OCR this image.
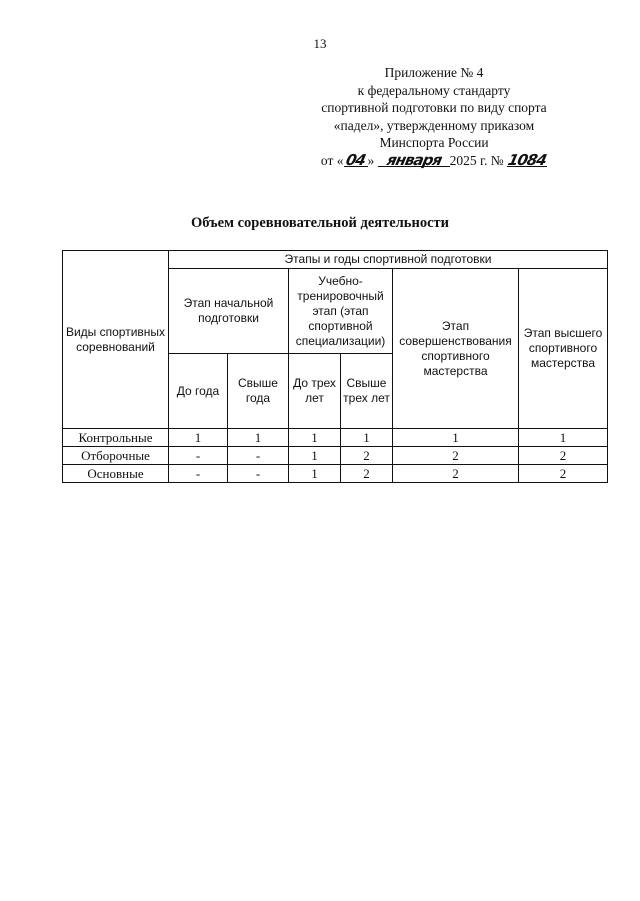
13
Приложение № 4
к федеральному стандарту
спортивной подготовки по виду спорта
«падел», утвержденному приказом
Минспорта России
от «04» января 2025 г. № 1084
Объем соревновательной деятельности
Виды спортивных соревнований	Этапы и годы спортивной подготовки					
	Этап начальной подготовки		Учебно-тренировочный этап (этап спортивной специализации)		Этап совершенствования спортивного мастерства	Этап высшего спортивного мастерства
	До года	Свыше года	До трех лет	Свыше трех лет		
Контрольные	1	1	1	1	1	1
Отборочные	-	-	1	2	2	2
Основные	-	-	1	2	2	2
